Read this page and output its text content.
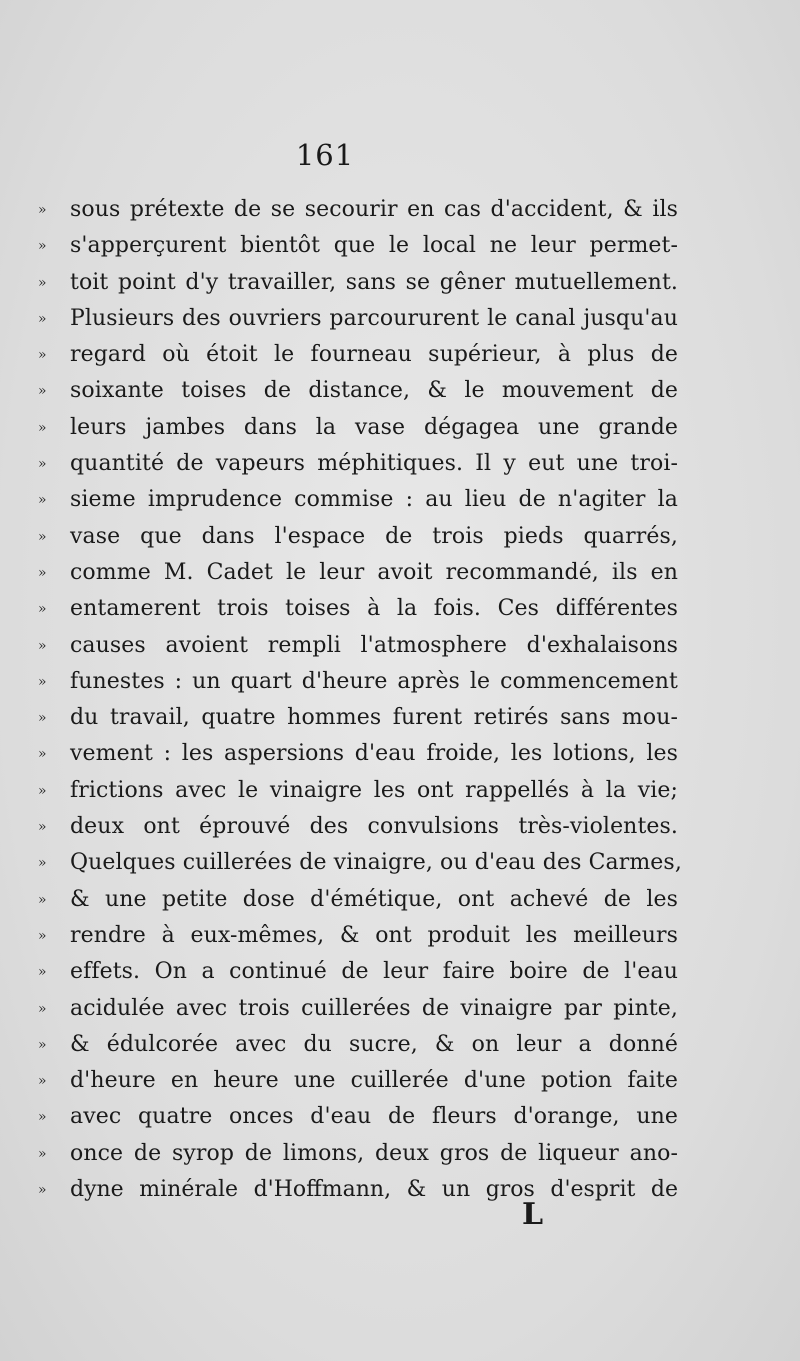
161
»	sous prétexte de se secourir en cas d'accident, & ils
»	s'apperçurent bientôt que le local ne leur permet-
»	toit point d'y travailler, sans se gêner mutuellement.
»	Plusieurs des ouvriers parcoururent le canal jusqu'au
»	regard où étoit le fourneau supérieur, à plus de
»	soixante toises de distance, & le mouvement de
»	leurs jambes dans la vase dégagea une grande
»	quantité de vapeurs méphitiques. Il y eut une troi-
»	sieme imprudence commise : au lieu de n'agiter la
»	vase que dans l'espace de trois pieds quarrés,
»	comme M. Cadet le leur avoit recommandé, ils en
»	entamerent trois toises à la fois. Ces différentes
»	causes avoient rempli l'atmosphere d'exhalaisons
»	funestes : un quart d'heure après le commencement
»	du travail, quatre hommes furent retirés sans mou-
»	vement : les aspersions d'eau froide, les lotions, les
»	frictions avec le vinaigre les ont rappellés à la vie;
»	deux ont éprouvé des convulsions très-violentes.
»	Quelques cuillerées de vinaigre, ou d'eau des Carmes,
»	& une petite dose d'émétique, ont achevé de les
»	rendre à eux-mêmes, & ont produit les meilleurs
»	effets. On a continué de leur faire boire de l'eau
»	acidulée avec trois cuillerées de vinaigre par pinte,
»	& édulcorée avec du sucre, & on leur a donné
»	d'heure en heure une cuillerée d'une potion faite
»	avec quatre onces d'eau de fleurs d'orange, une
»	once de syrop de limons, deux gros de liqueur ano-
»	dyne minérale d'Hoffmann, & un gros d'esprit de
L
